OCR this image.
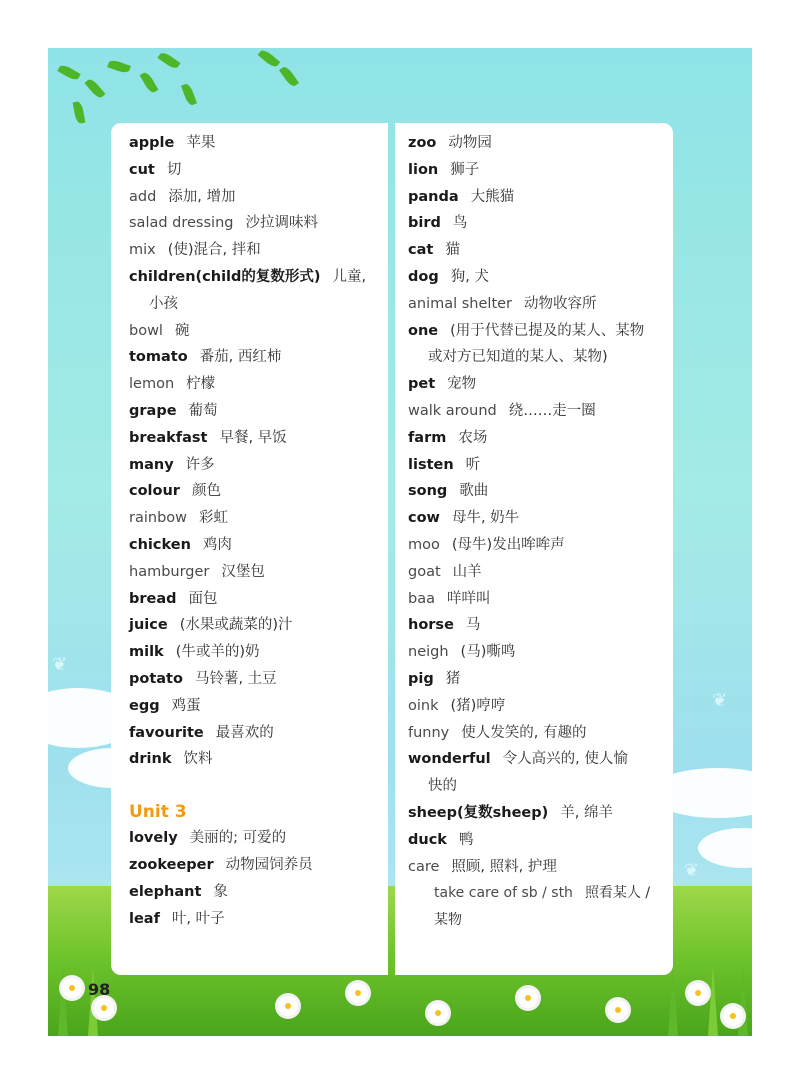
❦
❦
❦
apple 苹果
cut 切
add 添加, 增加
salad dressing 沙拉调味料
mix (使)混合, 拌和
children(child的复数形式) 儿童,
小孩
bowl 碗
tomato 番茄, 西红柿
lemon 柠檬
grape 葡萄
breakfast 早餐, 早饭
many 许多
colour 颜色
rainbow 彩虹
chicken 鸡肉
hamburger 汉堡包
bread 面包
juice (水果或蔬菜的)汁
milk (牛或羊的)奶
potato 马铃薯, 土豆
egg 鸡蛋
favourite 最喜欢的
drink 饮料
Unit 3
lovely 美丽的; 可爱的
zookeeper 动物园饲养员
elephant 象
leaf 叶, 叶子
zoo 动物园
lion 狮子
panda 大熊猫
bird 鸟
cat 猫
dog 狗, 犬
animal shelter 动物收容所
one (用于代替已提及的某人、某物
或对方已知道的某人、某物)
pet 宠物
walk around 绕……走一圈
farm 农场
listen 听
song 歌曲
cow 母牛, 奶牛
moo (母牛)发出哞哞声
goat 山羊
baa 咩咩叫
horse 马
neigh (马)嘶鸣
pig 猪
oink (猪)哼哼
funny 使人发笑的, 有趣的
wonderful 令人高兴的, 使人愉
快的
sheep(复数sheep) 羊, 绵羊
duck 鸭
care 照顾, 照料, 护理
take care of sb / sth 照看某人 /
某物
98
